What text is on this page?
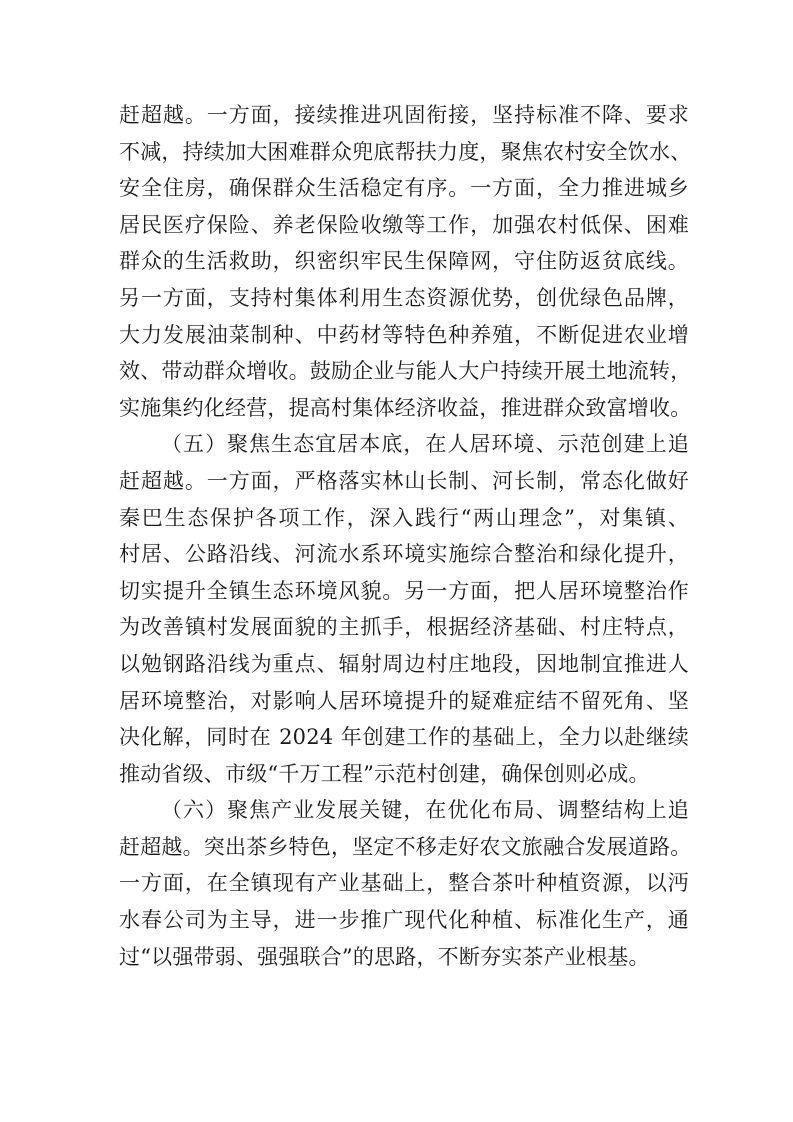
赶超越。一方面，接续推进巩固衔接，坚持标准不降、要求
不减，持续加大困难群众兜底帮扶力度，聚焦农村安全饮水、
安全住房，确保群众生活稳定有序。一方面，全力推进城乡
居民医疗保险、养老保险收缴等工作，加强农村低保、困难
群众的生活救助，织密织牢民生保障网，守住防返贫底线。
另一方面，支持村集体利用生态资源优势，创优绿色品牌，
大力发展油菜制种、中药材等特色种养殖，不断促进农业增
效、带动群众增收。鼓励企业与能人大户持续开展土地流转，
实施集约化经营，提高村集体经济收益，推进群众致富增收。
（五）聚焦生态宜居本底，在人居环境、示范创建上追
赶超越。一方面，严格落实林山长制、河长制，常态化做好
秦巴生态保护各项工作，深入践行“两山理念”，对集镇、
村居、公路沿线、河流水系环境实施综合整治和绿化提升，
切实提升全镇生态环境风貌。另一方面，把人居环境整治作
为改善镇村发展面貌的主抓手，根据经济基础、村庄特点，
以勉钢路沿线为重点、辐射周边村庄地段，因地制宜推进人
居环境整治，对影响人居环境提升的疑难症结不留死角、坚
决化解，同时在 2024 年创建工作的基础上，全力以赴继续
推动省级、市级“千万工程”示范村创建，确保创则必成。
（六）聚焦产业发展关键，在优化布局、调整结构上追
赶超越。突出茶乡特色，坚定不移走好农文旅融合发展道路。
一方面，在全镇现有产业基础上，整合茶叶种植资源，以沔
水春公司为主导，进一步推广现代化种植、标准化生产，通
过“以强带弱、强强联合”的思路，不断夯实茶产业根基。
